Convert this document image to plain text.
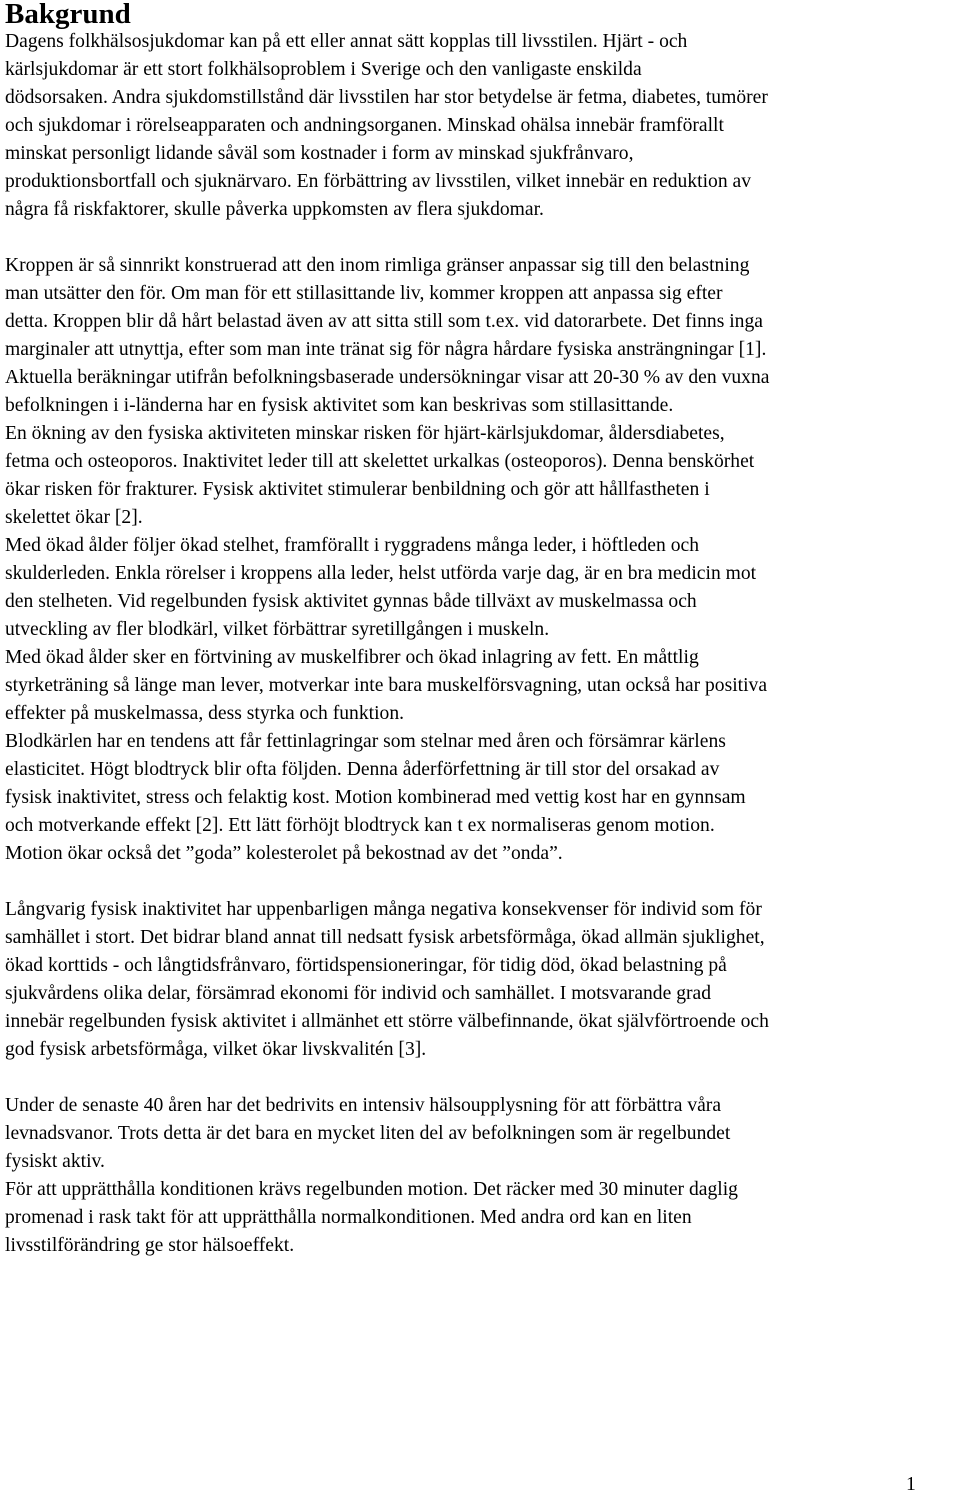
Bakgrund
Dagens folkhälsosjukdomar kan på ett eller annat sätt kopplas till livsstilen. Hjärt - och
kärlsjukdomar är ett stort folkhälsoproblem i Sverige och den vanligaste enskilda
dödsorsaken. Andra sjukdomstillstånd där livsstilen har stor betydelse är fetma, diabetes, tumörer
och sjukdomar i rörelseapparaten och andningsorganen. Minskad ohälsa innebär framförallt
minskat personligt lidande såväl som kostnader i form av minskad sjukfrånvaro,
produktionsbortfall och sjuknärvaro. En förbättring av livsstilen, vilket innebär en reduktion av
några få riskfaktorer, skulle påverka uppkomsten av flera sjukdomar.
Kroppen är så sinnrikt konstruerad att den inom rimliga gränser anpassar sig till den belastning
man utsätter den för. Om man för ett stillasittande liv, kommer kroppen att anpassa sig efter
detta. Kroppen blir då hårt belastad även av att sitta still som t.ex. vid datorarbete. Det finns inga
marginaler att utnyttja, efter som man inte tränat sig för några hårdare fysiska ansträngningar [1].
Aktuella beräkningar utifrån befolkningsbaserade undersökningar visar att 20-30 % av den vuxna
befolkningen i i-länderna har en fysisk aktivitet som kan beskrivas som stillasittande.
En ökning av den fysiska aktiviteten minskar risken för hjärt-kärlsjukdomar, åldersdiabetes,
fetma och osteoporos. Inaktivitet leder till att skelettet urkalkas (osteoporos). Denna benskörhet
ökar risken för frakturer. Fysisk aktivitet stimulerar benbildning och gör att hållfastheten i
skelettet ökar [2].
Med ökad ålder följer ökad stelhet, framförallt i ryggradens många leder, i höftleden och
skulderleden. Enkla rörelser i kroppens alla leder, helst utförda varje dag, är en bra medicin mot
den stelheten. Vid regelbunden fysisk aktivitet gynnas både tillväxt av muskelmassa och
utveckling av fler blodkärl, vilket förbättrar syretillgången i muskeln.
Med ökad ålder sker en förtvining av muskelfibrer och ökad inlagring av fett. En måttlig
styrketräning så länge man lever, motverkar inte bara muskelförsvagning, utan också har positiva
effekter på muskelmassa, dess styrka och funktion.
Blodkärlen har en tendens att får fettinlagringar som stelnar med åren och försämrar kärlens
elasticitet. Högt blodtryck blir ofta följden. Denna åderförfettning är till stor del orsakad av
fysisk inaktivitet, stress och felaktig kost. Motion kombinerad med vettig kost har en gynnsam
och motverkande effekt [2]. Ett lätt förhöjt blodtryck kan t ex normaliseras genom motion.
Motion ökar också det ”goda” kolesterolet på bekostnad av det ”onda”.
Långvarig fysisk inaktivitet har uppenbarligen många negativa konsekvenser för individ som för
samhället i stort. Det bidrar bland annat till nedsatt fysisk arbetsförmåga, ökad allmän sjuklighet,
ökad korttids - och långtidsfrånvaro, förtidspensioneringar, för tidig död, ökad belastning på
sjukvårdens olika delar, försämrad ekonomi för individ och samhället. I motsvarande grad
innebär regelbunden fysisk aktivitet i allmänhet ett större välbefinnande, ökat självförtroende och
god fysisk arbetsförmåga, vilket ökar livskvalitén [3].
Under de senaste 40 åren har det bedrivits en intensiv hälsoupplysning för att förbättra våra
levnadsvanor. Trots detta är det bara en mycket liten del av befolkningen som är regelbundet
fysiskt aktiv.
För att upprätthålla konditionen krävs regelbunden motion. Det räcker med 30 minuter daglig
promenad i rask takt för att upprätthålla normalkonditionen. Med andra ord kan en liten
livsstilförändring ge stor hälsoeffekt.
1
